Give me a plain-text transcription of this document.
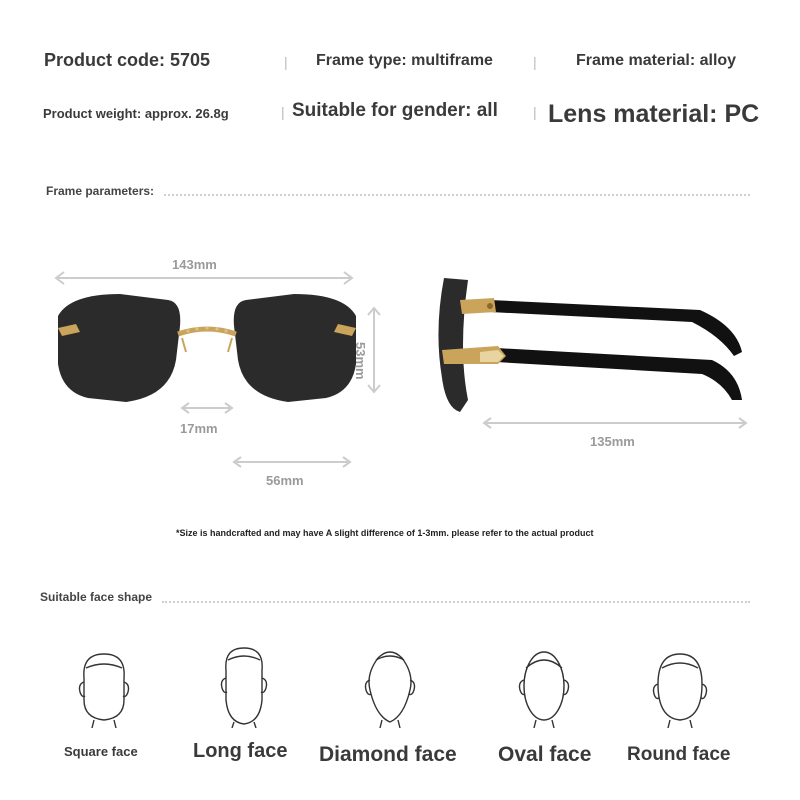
Product code: 5705	| Frame type: multiframe	| Frame material: alloy
Product weight: approx. 26.8g	| Suitable for gender: all	| Lens material: PC
Frame parameters:
143mm
17mm
56mm
53mm
135mm
*Size is handcrafted and may have A slight difference of 1-3mm. please refer to the actual product
Suitable face shape
Square face	Long face Diamond face Oval face Round face
